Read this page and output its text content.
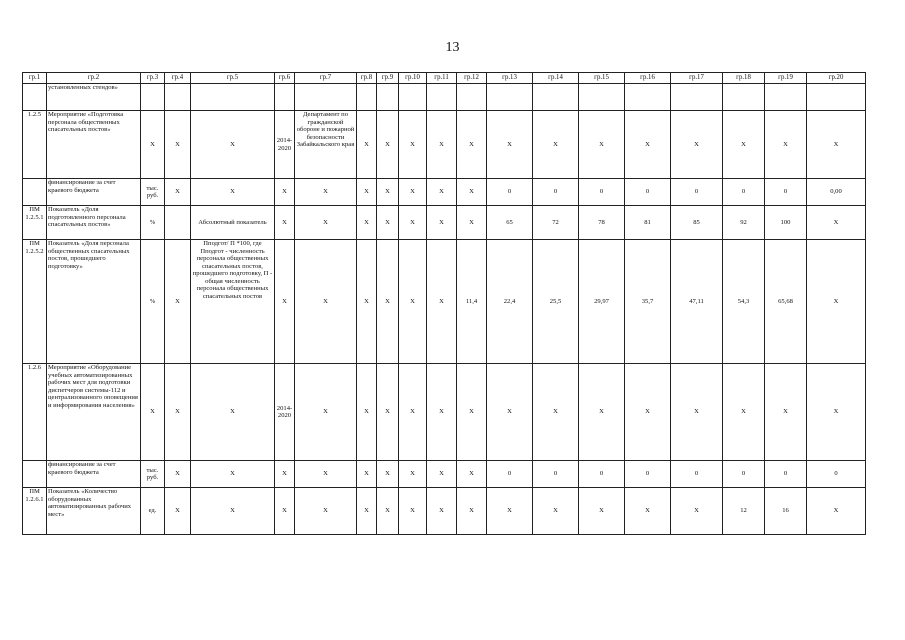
13
гр.1	гр.2	гр.3	гр.4	гр.5	гр.6	гр.7	гр.8	гр.9	гр.10	гр.11	гр.12	гр.13	гр.14	гр.15	гр.16	гр.17	гр.18	гр.19	гр.20
	установленных стендов»																		
1.2.5	Мероприятие «Подготовка персонала общественных спасательных постов»	X	X	X	2014-2020	Департамент по гражданской обороне и пожарной безопасности Забайкальского края	X	X	X	X	X	X	X	X	X	X	X	X	X
	финансирование за счет краевого бюджета	тыс. руб.	X	X	X	X	X	X	X	X	X	0	0	0	0	0	0	0	0,00
ПМ 1.2.5.1	Показатель «Доля подготовленного персонала спасательных постов»	%		Абсолютный показатель	X	X	X	X	X	X	X	65	72	78	81	85	92	100	X
ПМ 1.2.5.2	Показатель «Доля персонала общественных спасательных постов, прошедшего подготовку»	%	X	Пподгот/ П *100, где Пподгот - численность персонала общественных спасательных постов, прошедшего подготовку, П - общая численность персонала общественных спасательных постов	X	X	X	X	X	X	11,4	22,4	25,5	29,97	35,7	47,11	54,3	65,68	X
1.2.6	Мероприятие «Оборудование учебных автоматизированных рабочих мест для подготовки диспетчеров системы-112 и централизованного оповещения и информирования населения»	X	X	X	2014-2020	X	X	X	X	X	X	X	X	X	X	X	X	X	X
	финансирование за счет краевого бюджета	тыс. руб.	X	X	X	X	X	X	X	X	X	0	0	0	0	0	0	0	0
ПМ 1.2.6.1	Показатель «Количество оборудованных автоматизированных рабочих мест»	ед.	X	X	X	X	X	X	X	X	X	X	X	X	X	X	12	16	X
